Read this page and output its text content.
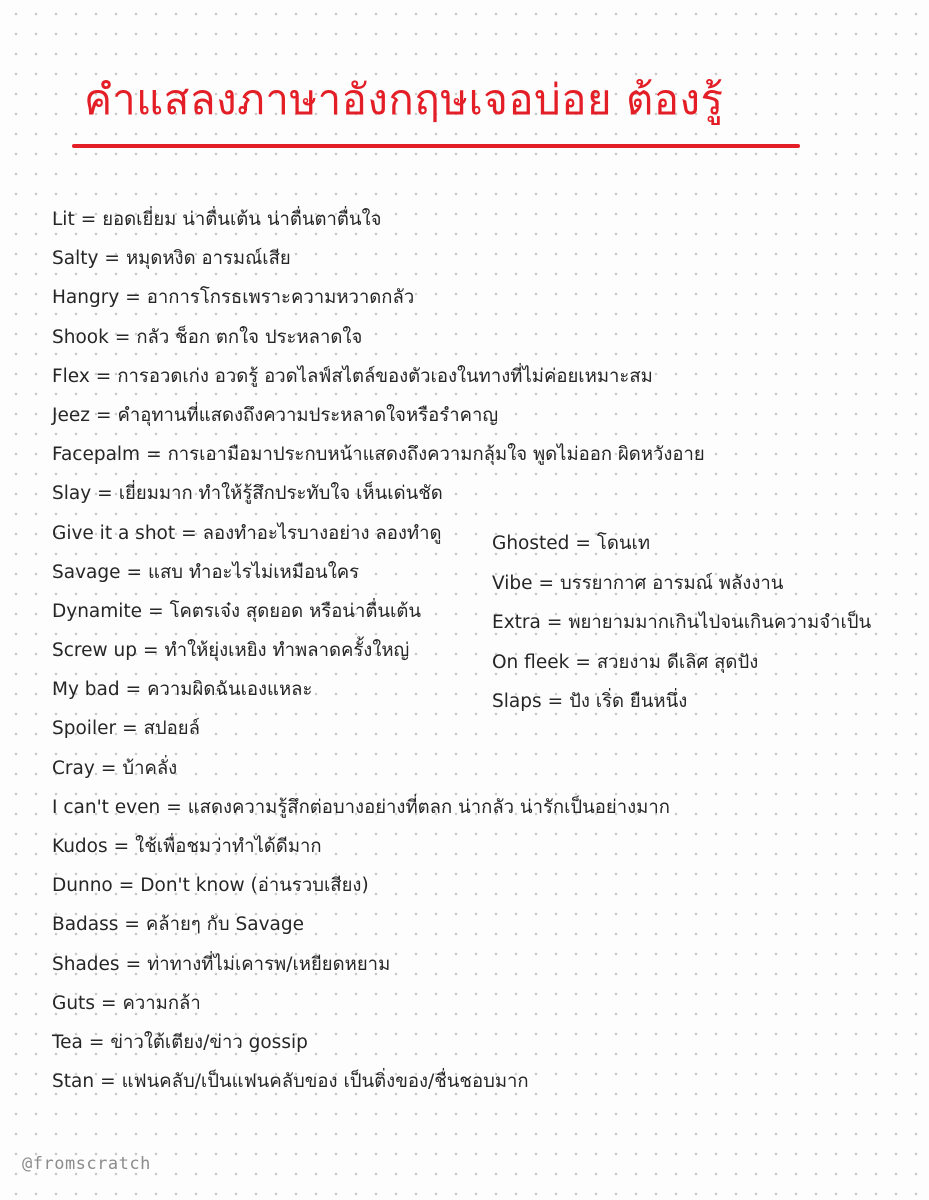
คำแสลงภาษาอังกฤษเจอบ่อย ต้องรู้
Lit = ยอดเยี่ยม น่าตื่นเต้น น่าตื่นตาตื่นใจ
Salty = หมุดหงิด อารมณ์เสีย
Hangry = อาการโกรธเพราะความหวาดกลัว
Shook = กลัว ช็อก ตกใจ ประหลาดใจ
Flex = การอวดเก่ง อวดรู้ อวดไลฟ์สไตล์ของตัวเองในทางที่ไม่ค่อยเหมาะสม
Jeez = คำอุทานที่แสดงถึงความประหลาดใจหรือรำคาญ
Facepalm = การเอามือมาประกบหน้าแสดงถึงความกลุ้มใจ พูดไม่ออก ผิดหวังอาย
Slay = เยี่ยมมาก ทำให้รู้สึกประทับใจ เห็นเด่นชัด
Give it a shot = ลองทำอะไรบางอย่าง ลองทำดู
Savage = แสบ ทำอะไรไม่เหมือนใคร
Dynamite = โคตรเจ๋ง สุดยอด หรือน่าตื่นเต้น
Screw up = ทำให้ยุ่งเหยิง ทำพลาดครั้งใหญ่
My bad = ความผิดฉันเองแหละ
Spoiler = สปอยล์
Cray = บ้าคลั่ง
I can't even = แสดงความรู้สึกต่อบางอย่างที่ตลก น่ากลัว น่ารักเป็นอย่างมาก
Kudos = ใช้เพื่อชมว่าทำได้ดีมาก
Dunno = Don't know (อ่านรวบเสียง)
Badass = คล้ายๆ กับ Savage
Shades = ท่าทางที่ไม่เคารพ/เหยียดหยาม
Guts = ความกล้า
Tea = ข่าวใต้เตียง/ข่าว gossip
Stan = แฟนคลับ/เป็นแฟนคลับของ เป็นติ่งของ/ชื่นชอบมาก
Ghosted = โดนเท
Vibe = บรรยากาศ อารมณ์ พลังงาน
Extra = พยายามมากเกินไปจนเกินความจำเป็น
On fleek = สวยงาม ดีเลิศ สุดปัง
Slaps = ปัง เริ่ด ยืนหนึ่ง
@fromscratch
